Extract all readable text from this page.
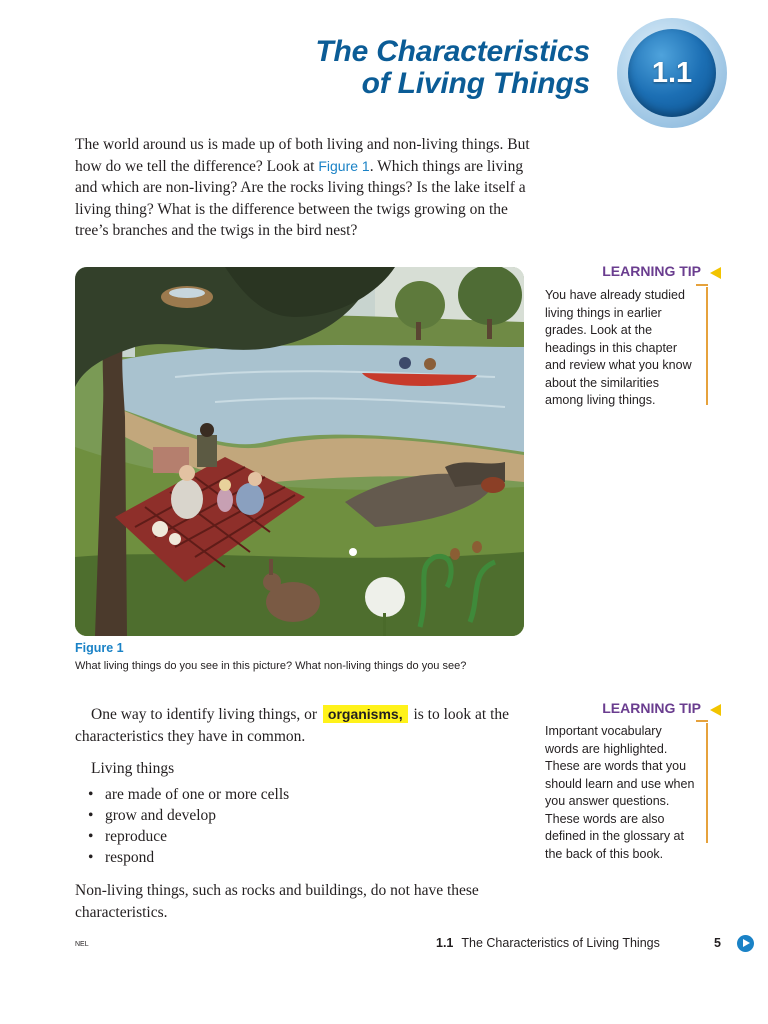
The Characteristics
of Living Things 1.1

The world around us is made up of both living and non-living things. But how do we tell the difference? Look at Figure 1. Which things are living and which are non-living? Are the rocks living things? Is the lake itself a living thing? What is the difference between the twigs growing on the tree’s branches and the twigs in the bird nest?

Figure 1
What living things do you see in this picture? What non-living things do you see?
LEARNING TIP
You have already studied living things in earlier grades. Look at the headings in this chapter and review what you know about the similarities among living things.
LEARNING TIP
Important vocabulary words are highlighted. These are words that you should learn and use when you answer questions. These words are also defined in the glossary at the back of this book.

One way to identify living things, or organisms, is to look at the characteristics they have in common.

Living things
• are made of one or more cells
• grow and develop
• reproduce
• respond

Non-living things, such as rocks and buildings, do not have these characteristics.

NEL	1.1 The Characteristics of Living Things	5
